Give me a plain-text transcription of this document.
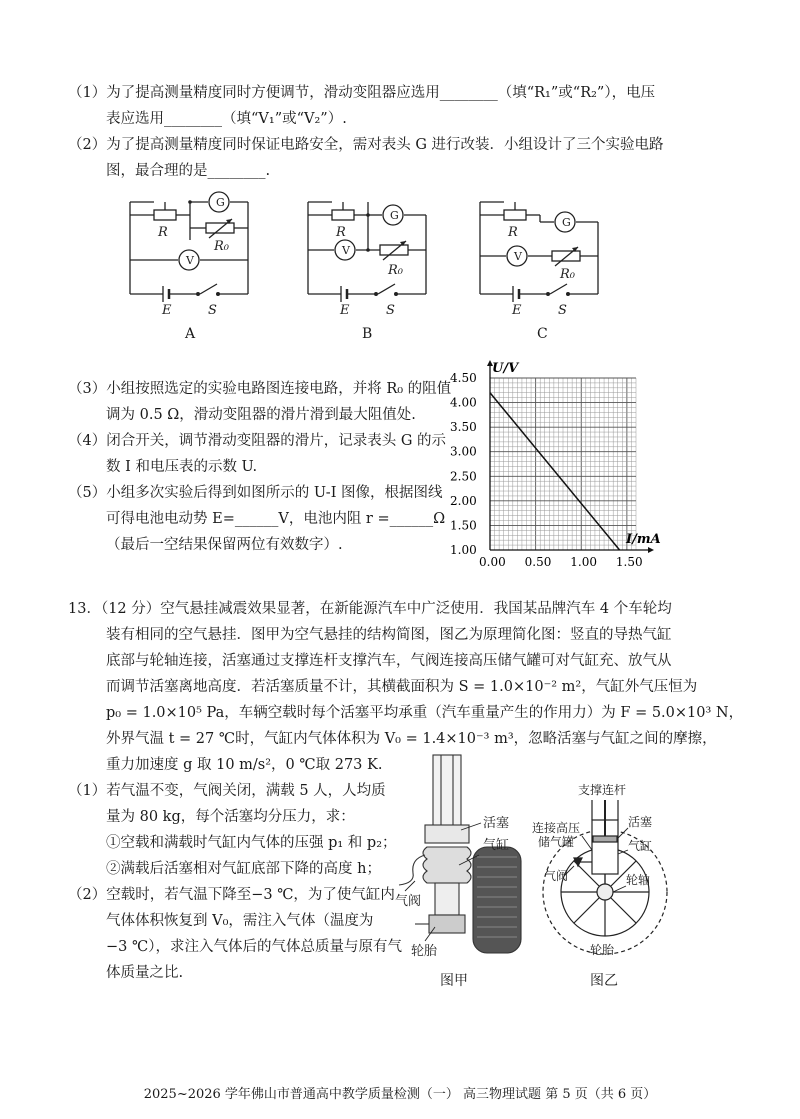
（1）为了提高测量精度同时方便调节，滑动变阻器应选用________（填“R₁”或“R₂”），电压
表应选用________（填“V₁”或“V₂”）.
（2）为了提高测量精度同时保证电路安全，需对表头 G 进行改装．小组设计了三个实验电路
图，最合理的是________.
G
V
R
R₀
E	S
A
G
V
R
R₀
E	S
B
G
V
R
R₀
E	S
C
（3）小组按照选定的实验电路图连接电路，并将 R₀ 的阻值
调为 0.5 Ω，滑动变阻器的滑片滑到最大阻值处.
（4）闭合开关，调节滑动变阻器的滑片，记录表头 G 的示
数 I 和电压表的示数 U.
（5）小组多次实验后得到如图所示的 U-I 图像，根据图线
可得电池电动势 E=______V，电池内阻 r =______Ω
（最后一空结果保留两位有效数字）.
0.00 0.50 1.00 1.50
1.00
1.50
2.00
2.50
3.00
3.50
4.00
4.50
U/V
I/mA
13．（12 分）空气悬挂减震效果显著，在新能源汽车中广泛使用．我国某品牌汽车 4 个车轮均
装有相同的空气悬挂．图甲为空气悬挂的结构简图，图乙为原理简化图：竖直的导热气缸
底部与轮轴连接，活塞通过支撑连杆支撑汽车，气阀连接高压储气罐可对气缸充、放气从
而调节活塞离地高度．若活塞质量不计，其横截面积为 S = 1.0×10⁻² m²，气缸外气压恒为
p₀ = 1.0×10⁵ Pa，车辆空载时每个活塞平均承重（汽车重量产生的作用力）为 F = 5.0×10³ N，
外界气温 t = 27 ℃时，气缸内气体体积为 V₀ = 1.4×10⁻³ m³，忽略活塞与气缸之间的摩擦，
重力加速度 g 取 10 m/s²，0 ℃取 273 K.
（1）若气温不变，气阀关闭，满载 5 人，人均质
量为 80 kg，每个活塞均分压力，求：
①空载和满载时气缸内气体的压强 p₁ 和 p₂；
②满载后活塞相对气缸底部下降的高度 h；
（2）空载时，若气温下降至−3 ℃，为了使气缸内
气体体积恢复到 V₀，需注入气体（温度为
−3 ℃），求注入气体后的气体总质量与原有气
体质量之比.
活塞
气缸
气阀
轮胎
图甲
支撑连杆
活塞
气缸
连接高压
储气罐
气阀	轮轴
轮胎
图乙
2025~2026 学年佛山市普通高中教学质量检测（一） 高三物理试题 第 5 页（共 6 页）
